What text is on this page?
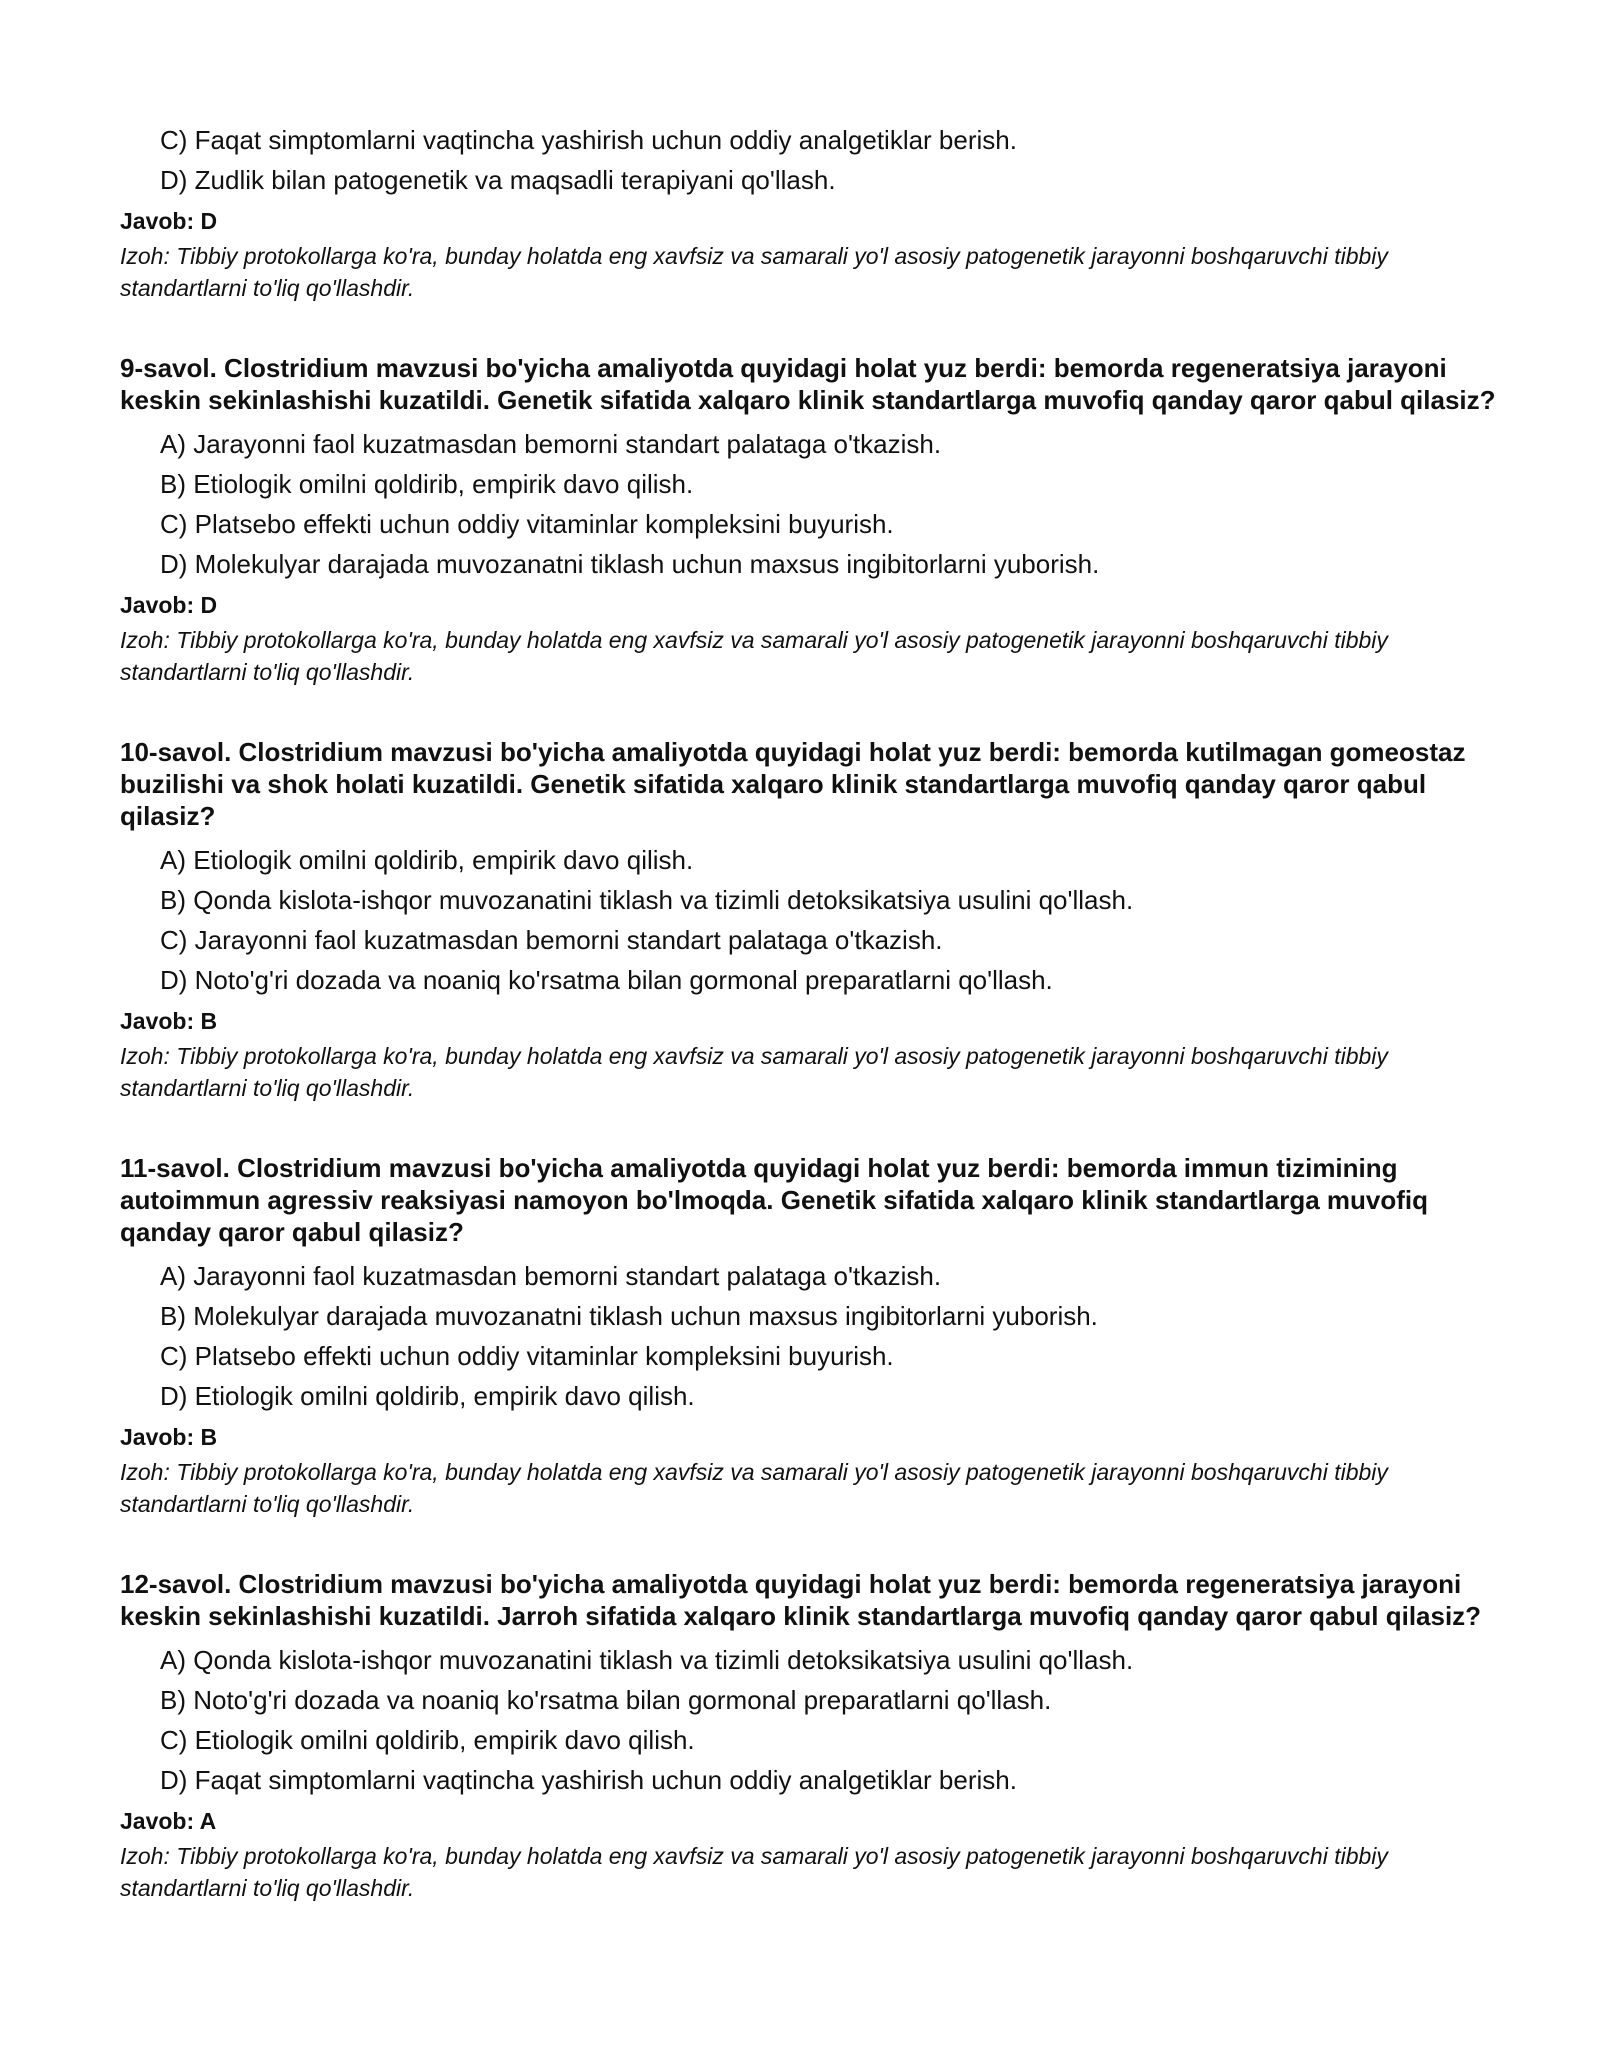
C) Faqat simptomlarni vaqtincha yashirish uchun oddiy analgetiklar berish.
D) Zudlik bilan patogenetik va maqsadli terapiyani qo'llash.
Javob: D
Izoh: Tibbiy protokollarga ko'ra, bunday holatda eng xavfsiz va samarali yo'l asosiy patogenetik jarayonni boshqaruvchi tibbiy standartlarni to'liq qo'llashdir.
9-savol. Clostridium mavzusi bo'yicha amaliyotda quyidagi holat yuz berdi: bemorda regeneratsiya jarayoni keskin sekinlashishi kuzatildi. Genetik sifatida xalqaro klinik standartlarga muvofiq qanday qaror qabul qilasiz?
A) Jarayonni faol kuzatmasdan bemorni standart palataga o'tkazish.
B) Etiologik omilni qoldirib, empirik davo qilish.
C) Platsebo effekti uchun oddiy vitaminlar kompleksini buyurish.
D) Molekulyar darajada muvozanatni tiklash uchun maxsus ingibitorlarni yuborish.
Javob: D
Izoh: Tibbiy protokollarga ko'ra, bunday holatda eng xavfsiz va samarali yo'l asosiy patogenetik jarayonni boshqaruvchi tibbiy standartlarni to'liq qo'llashdir.
10-savol. Clostridium mavzusi bo'yicha amaliyotda quyidagi holat yuz berdi: bemorda kutilmagan gomeostaz buzilishi va shok holati kuzatildi. Genetik sifatida xalqaro klinik standartlarga muvofiq qanday qaror qabul qilasiz?
A) Etiologik omilni qoldirib, empirik davo qilish.
B) Qonda kislota-ishqor muvozanatini tiklash va tizimli detoksikatsiya usulini qo'llash.
C) Jarayonni faol kuzatmasdan bemorni standart palataga o'tkazish.
D) Noto'g'ri dozada va noaniq ko'rsatma bilan gormonal preparatlarni qo'llash.
Javob: B
Izoh: Tibbiy protokollarga ko'ra, bunday holatda eng xavfsiz va samarali yo'l asosiy patogenetik jarayonni boshqaruvchi tibbiy standartlarni to'liq qo'llashdir.
11-savol. Clostridium mavzusi bo'yicha amaliyotda quyidagi holat yuz berdi: bemorda immun tizimining autoimmun agressiv reaksiyasi namoyon bo'lmoqda. Genetik sifatida xalqaro klinik standartlarga muvofiq qanday qaror qabul qilasiz?
A) Jarayonni faol kuzatmasdan bemorni standart palataga o'tkazish.
B) Molekulyar darajada muvozanatni tiklash uchun maxsus ingibitorlarni yuborish.
C) Platsebo effekti uchun oddiy vitaminlar kompleksini buyurish.
D) Etiologik omilni qoldirib, empirik davo qilish.
Javob: B
Izoh: Tibbiy protokollarga ko'ra, bunday holatda eng xavfsiz va samarali yo'l asosiy patogenetik jarayonni boshqaruvchi tibbiy standartlarni to'liq qo'llashdir.
12-savol. Clostridium mavzusi bo'yicha amaliyotda quyidagi holat yuz berdi: bemorda regeneratsiya jarayoni keskin sekinlashishi kuzatildi. Jarroh sifatida xalqaro klinik standartlarga muvofiq qanday qaror qabul qilasiz?
A) Qonda kislota-ishqor muvozanatini tiklash va tizimli detoksikatsiya usulini qo'llash.
B) Noto'g'ri dozada va noaniq ko'rsatma bilan gormonal preparatlarni qo'llash.
C) Etiologik omilni qoldirib, empirik davo qilish.
D) Faqat simptomlarni vaqtincha yashirish uchun oddiy analgetiklar berish.
Javob: A
Izoh: Tibbiy protokollarga ko'ra, bunday holatda eng xavfsiz va samarali yo'l asosiy patogenetik jarayonni boshqaruvchi tibbiy standartlarni to'liq qo'llashdir.
